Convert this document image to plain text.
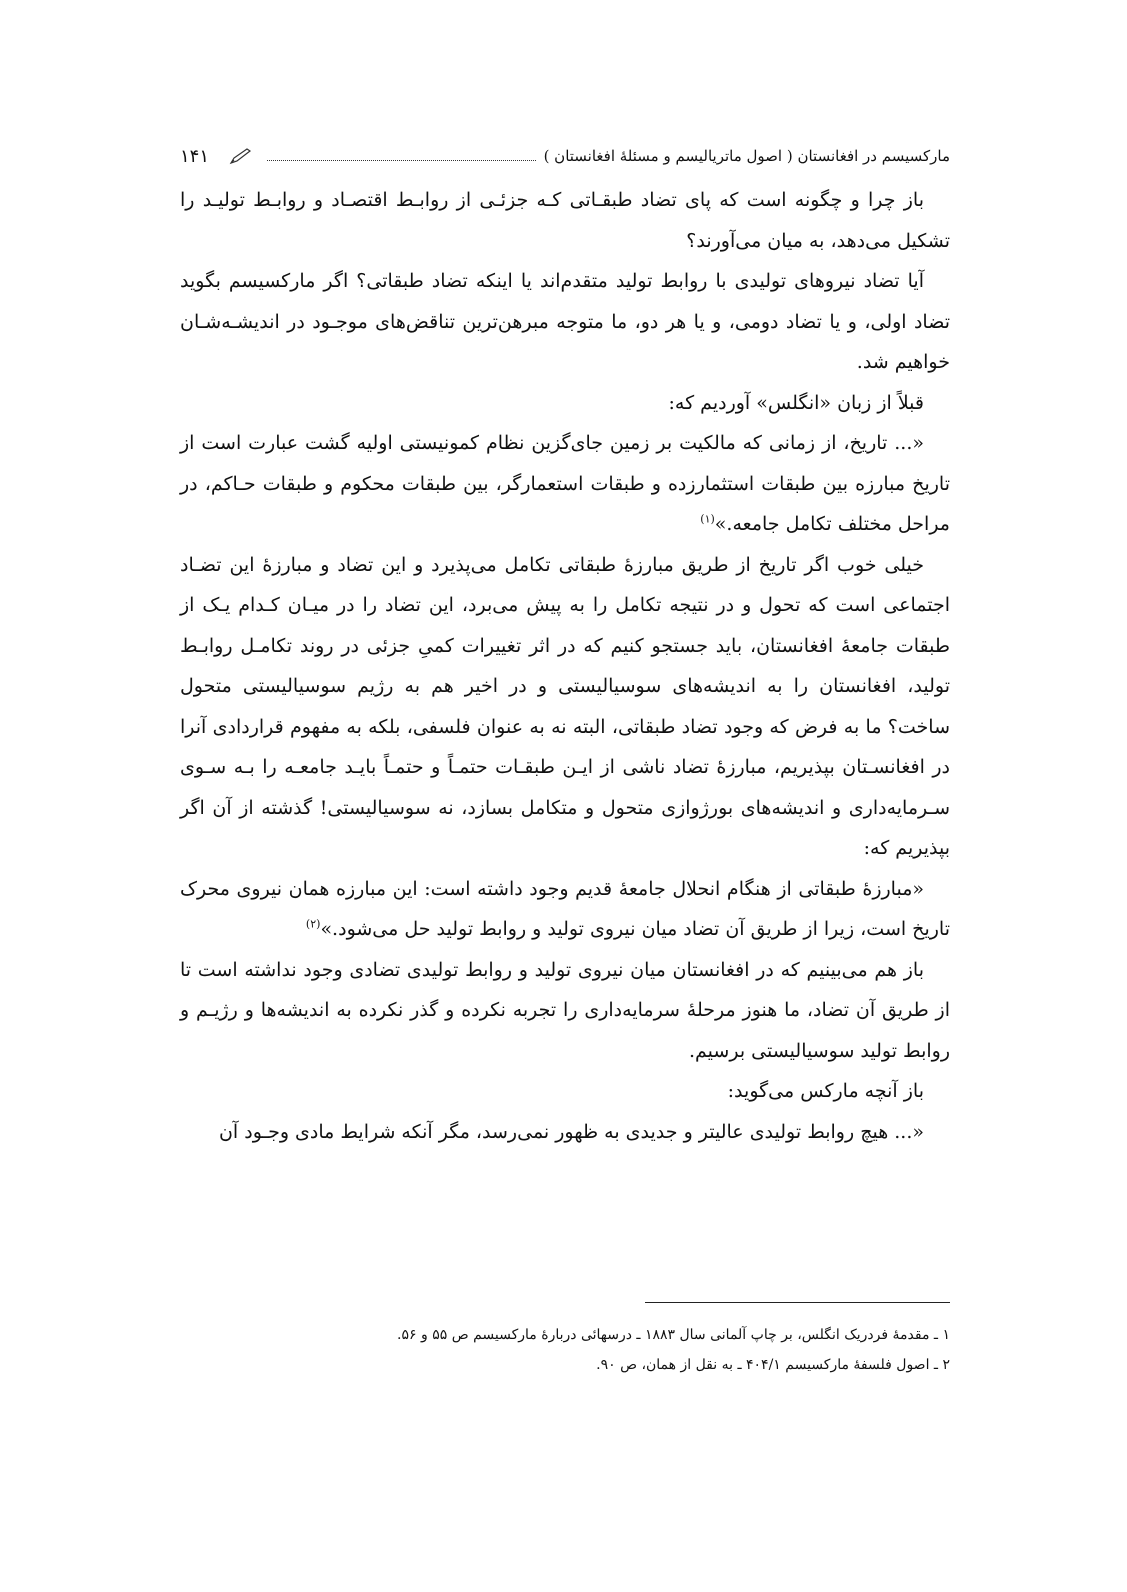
مارکسیسم در افغانستان ( اصول ماتریالیسم و مسئلۀ افغانستان )
۱۴۱

باز چرا و چگونه است که پای تضاد طبقـاتی کـه جزئـی از روابـط اقتصـاد و روابـط تولیـد را تشکیل می‌دهد، به میان می‌آورند؟

آیا تضاد نیروهای تولیدی با روابط تولید متقدم‌اند یا اینکه تضاد طبقاتی؟ اگر مارکسیسم بگوید تضاد اولی، و یا تضاد دومی، و یا هر دو، ما متوجه مبرهن‌ترین تناقض‌های موجـود در اندیشـه‌شـان خواهیم شد.

قبلاً از زبان «انگلس» آوردیم که:

«... تاریخ، از زمانی که مالکیت بر زمین جای‌گزین نظام کمونیستی اولیه گشت عبارت است از تاریخ مبارزه بین طبقات استثمارزده و طبقات استعمارگر، بین طبقات محکوم و طبقات حـاکم، در مراحل مختلف تکامل جامعه.»$^{(۱)}$

خیلی خوب اگر تاریخ از طریق مبارزۀ طبقاتی تکامل می‌پذیرد و این تضاد و مبارزۀ این تضـاد اجتماعی است که تحول و در نتیجه تکامل را به پیش می‌برد، این تضاد را در میـان کـدام یـک از طبقات جامعۀ افغانستان، باید جستجو کنیم که در اثر تغییرات کمیِ جزئی در روند تکامـل روابـط تولید، افغانستان را به اندیشه‌های سوسیالیستی و در اخیر هم به رژیم سوسیالیستی متحول ساخت؟ ما به فرض که وجود تضاد طبقاتی، البته نه به عنوان فلسفی، بلکه به مفهوم قراردادی آنرا در افغانسـتان بپذیریم، مبارزۀ تضاد ناشی از ایـن طبقـات حتمـاً و حتمـاً بایـد جامعـه را بـه سـوی سـرمایه‌داری و اندیشه‌های بورژوازی متحول و متکامل بسازد، نه سوسیالیستی! گذشته از آن اگر بپذیریم که:

«مبارزۀ طبقاتی از هنگام انحلال جامعۀ قدیم وجود داشته است: این مبارزه همان نیروی محرک تاریخ است، زیرا از طریق آن تضاد میان نیروی تولید و روابط تولید حل می‌شود.»$^{(۲)}$

باز هم می‌بینیم که در افغانستان میان نیروی تولید و روابط تولیدی تضادی وجود نداشته است تا از طریق آن تضاد، ما هنوز مرحلۀ سرمایه‌داری را تجربه نکرده و گذر نکرده به اندیشه‌ها و رژیـم و روابط تولید سوسیالیستی برسیم.

باز آنچه مارکس می‌گوید:

«... هیچ روابط تولیدی عالیتر و جدیدی به ظهور نمی‌رسد، مگر آنکه شرایط مادی وجـود آن

۱ ـ مقدمۀ فردریک انگلس، بر چاپ آلمانی سال ۱۸۸۳ ـ درسهائی دربارۀ مارکسیسم ص ۵۵ و ۵۶.
۲ ـ اصول فلسفۀ مارکسیسم ۴۰۴/۱ ـ به نقل از همان، ص ۹۰.
